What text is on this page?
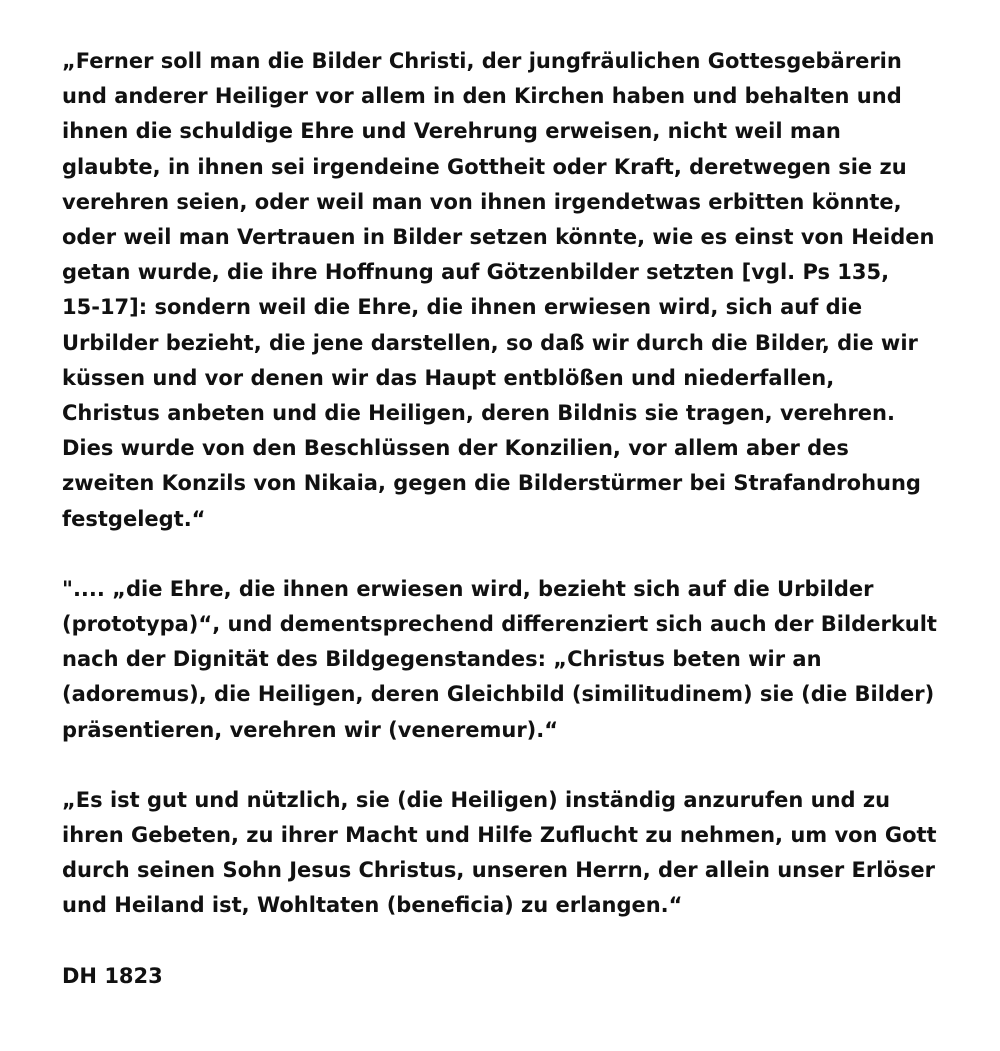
„Ferner soll man die Bilder Christi, der jungfräulichen Gottesgebärerin
und anderer Heiliger vor allem in den Kirchen haben und behalten und
ihnen die schuldige Ehre und Verehrung erweisen, nicht weil man
glaubte, in ihnen sei irgendeine Gottheit oder Kraft, deretwegen sie zu
verehren seien, oder weil man von ihnen irgendetwas erbitten könnte,
oder weil man Vertrauen in Bilder setzen könnte, wie es einst von Heiden
getan wurde, die ihre Hoffnung auf Götzenbilder setzten [vgl. Ps 135,
15-17]: sondern weil die Ehre, die ihnen erwiesen wird, sich auf die
Urbilder bezieht, die jene darstellen, so daß wir durch die Bilder, die wir
küssen und vor denen wir das Haupt entblößen und niederfallen,
Christus anbeten und die Heiligen, deren Bildnis sie tragen, verehren.
Dies wurde von den Beschlüssen der Konzilien, vor allem aber des
zweiten Konzils von Nikaia, gegen die Bilderstürmer bei Strafandrohung
festgelegt.“

".... „die Ehre, die ihnen erwiesen wird, bezieht sich auf die Urbilder
(prototypa)“, und dementsprechend differenziert sich auch der Bilderkult
nach der Dignität des Bildgegenstandes: „Christus beten wir an
(adoremus), die Heiligen, deren Gleichbild (similitudinem) sie (die Bilder)
präsentieren, verehren wir (veneremur).“

„Es ist gut und nützlich, sie (die Heiligen) inständig anzurufen und zu
ihren Gebeten, zu ihrer Macht und Hilfe Zuflucht zu nehmen, um von Gott
durch seinen Sohn Jesus Christus, unseren Herrn, der allein unser Erlöser
und Heiland ist, Wohltaten (beneficia) zu erlangen.“

DH 1823
